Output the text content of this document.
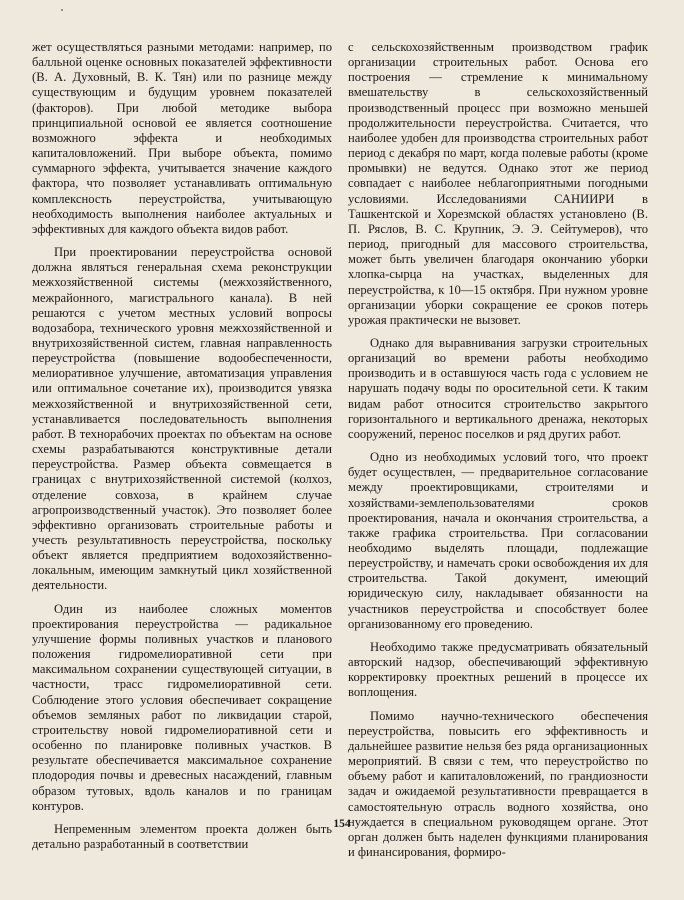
жет осуществляться разными методами: например, по балльной оценке основных показателей эффективности (В. А. Духовный, В. К. Тян) или по разнице между существующим и будущим уровнем показателей (факторов). При любой методике выбора принципиальной основой ее является соотношение возможного эффекта и необходимых капиталовложений. При выборе объекта, помимо суммарного эффекта, учитывается значение каждого фактора, что позволяет устанавливать оптимальную комплексность переустройства, учитывающую необходимость выполнения наиболее актуальных и эффективных для каждого объекта видов работ.

При проектировании переустройства основой должна являться генеральная схема реконструкции межхозяйственной системы (межхозяйственного, межрайонного, магистрального канала). В ней решаются с учетом местных условий вопросы водозабора, технического уровня межхозяйственной и внутрихозяйственной систем, главная направленность переустройства (повышение водообеспеченности, мелиоративное улучшение, автоматизация управления или оптимальное сочетание их), производится увязка межхозяйственной и внутрихозяйственной сети, устанавливается последовательность выполнения работ. В технорабочих проектах по объектам на основе схемы разрабатываются конструктивные детали переустройства. Размер объекта совмещается в границах с внутрихозяйственной системой (колхоз, отделение совхоза, в крайнем случае агропроизводственный участок). Это позволяет более эффективно организовать строительные работы и учесть результативность переустройства, поскольку объект является предприятием водохозяйственно-локальным, имеющим замкнутый цикл хозяйственной деятельности.

Один из наиболее сложных моментов проектирования переустройства — радикальное улучшение формы поливных участков и планового положения гидромелиоративной сети при максимальном сохранении существующей ситуации, в частности, трасс гидромелиоративной сети. Соблюдение этого условия обеспечивает сокращение объемов земляных работ по ликвидации старой, строительству новой гидромелиоративной сети и особенно по планировке поливных участков. В результате обеспечивается максимальное сохранение плодородия почвы и древесных насаждений, главным образом тутовых, вдоль каналов и по границам контуров.

Непременным элементом проекта должен быть детально разработанный в соответствии

с сельскохозяйственным производством график организации строительных работ. Основа его построения — стремление к минимальному вмешательству в сельскохозяйственный производственный процесс при возможно меньшей продолжительности переустройства. Считается, что наиболее удобен для производства строительных работ период с декабря по март, когда полевые работы (кроме промывки) не ведутся. Однако этот же период совпадает с наиболее неблагоприятными погодными условиями. Исследованиями САНИИРИ в Ташкентской и Хорезмской областях установлено (В. П. Ряслов, В. С. Крупник, Э. Э. Сейтумеров), что период, пригодный для массового строительства, может быть увеличен благодаря окончанию уборки хлопка-сырца на участках, выделенных для переустройства, к 10—15 октября. При нужном уровне организации уборки сокращение ее сроков потерь урожая практически не вызовет.

Однако для выравнивания загрузки строительных организаций во времени работы необходимо производить и в оставшуюся часть года с условием не нарушать подачу воды по оросительной сети. К таким видам работ относится строительство закрытого горизонтального и вертикального дренажа, некоторых сооружений, перенос поселков и ряд других работ.

Одно из необходимых условий того, что проект будет осуществлен, — предварительное согласование между проектировщиками, строителями и хозяйствами-землепользователями сроков проектирования, начала и окончания строительства, а также графика строительства. При согласовании необходимо выделять площади, подлежащие переустройству, и намечать сроки освобождения их для строительства. Такой документ, имеющий юридическую силу, накладывает обязанности на участников переустройства и способствует более организованному его проведению.

Необходимо также предусматривать обязательный авторский надзор, обеспечивающий эффективную корректировку проектных решений в процессе их воплощения.

Помимо научно-технического обеспечения переустройства, повысить его эффективность и дальнейшее развитие нельзя без ряда организационных мероприятий. В связи с тем, что переустройство по объему работ и капиталовложений, по грандиозности задач и ожидаемой результативности превращается в самостоятельную отрасль водного хозяйства, оно нуждается в специальном руководящем органе. Этот орган должен быть наделен функциями планирования и финансирования, формиро-

154
